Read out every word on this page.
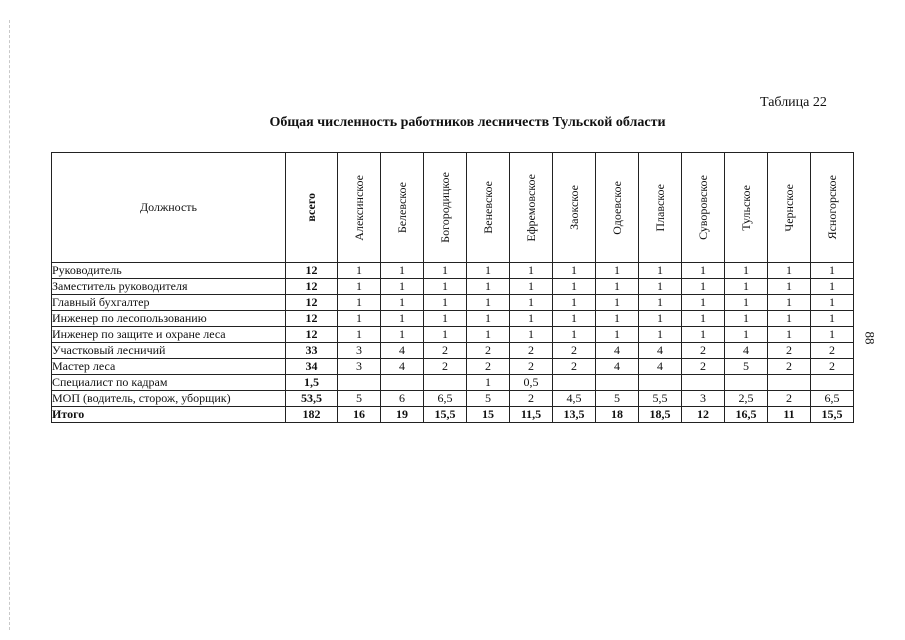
Таблица 22
Общая численность работников лесничеств Тульской области
88
Должность	всего	Алексинское	Белевское	Богородицкое	Веневское	Ефремовское	Заокское	Одоевское	Плавское	Суворовское	Тульское	Чернское	Ясногорское

Руководитель	12	1	1	1	1	1	1	1	1	1	1	1	1
Заместитель руководителя	12	1	1	1	1	1	1	1	1	1	1	1	1
Главный бухгалтер	12	1	1	1	1	1	1	1	1	1	1	1	1
Инженер по лесопользованию	12	1	1	1	1	1	1	1	1	1	1	1	1
Инженер по защите и охране леса	12	1	1	1	1	1	1	1	1	1	1	1	1
Участковый лесничий	33	3	4	2	2	2	2	4	4	2	4	2	2
Мастер леса	34	3	4	2	2	2	2	4	4	2	5	2	2
Специалист по кадрам	1,5				1	0,5							
МОП (водитель, сторож, уборщик)	53,5	5	6	6,5	5	2	4,5	5	5,5	3	2,5	2	6,5
Итого	182	16	19	15,5	15	11,5	13,5	18	18,5	12	16,5	11	15,5
